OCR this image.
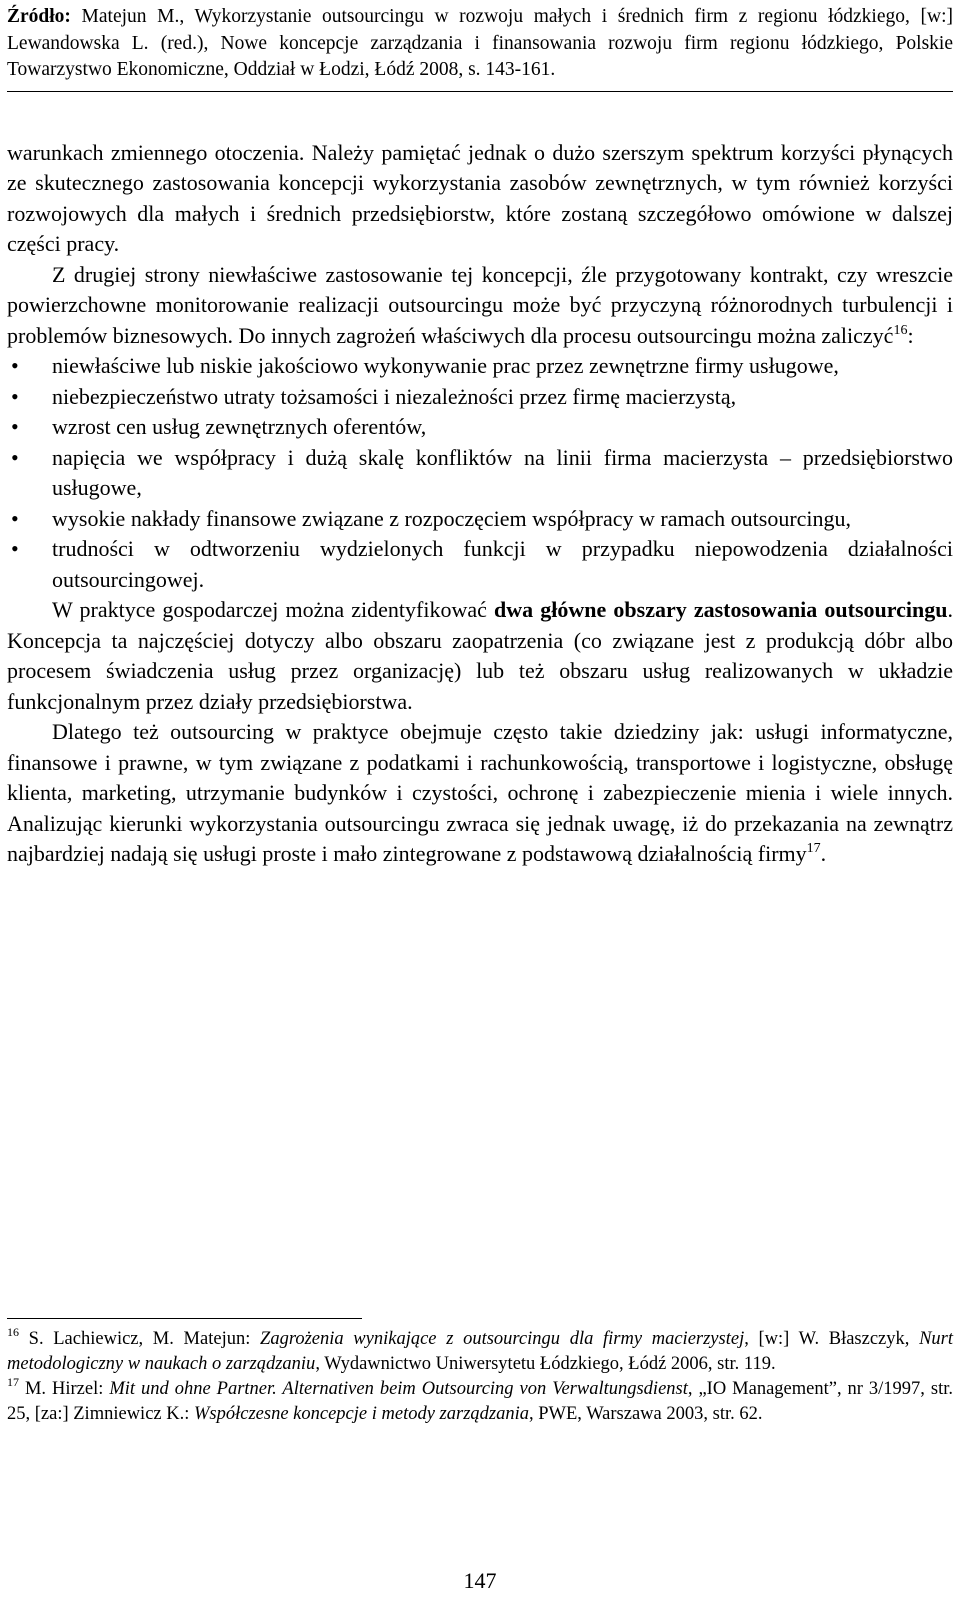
Źródło: Matejun M., Wykorzystanie outsourcingu w rozwoju małych i średnich firm z regionu łódzkiego, [w:] Lewandowska L. (red.), Nowe koncepcje zarządzania i finansowania rozwoju firm regionu łódzkiego, Polskie Towarzystwo Ekonomiczne, Oddział w Łodzi, Łódź 2008, s. 143-161.

warunkach zmiennego otoczenia. Należy pamiętać jednak o dużo szerszym spektrum korzyści płynących ze skutecznego zastosowania koncepcji wykorzystania zasobów zewnętrznych, w tym również korzyści rozwojowych dla małych i średnich przedsiębiorstw, które zostaną szczegółowo omówione w dalszej części pracy.

Z drugiej strony niewłaściwe zastosowanie tej koncepcji, źle przygotowany kontrakt, czy wreszcie powierzchowne monitorowanie realizacji outsourcingu może być przyczyną różnorodnych turbulencji i problemów biznesowych. Do innych zagrożeń właściwych dla procesu outsourcingu można zaliczyć$^{16}$:

• niewłaściwe lub niskie jakościowo wykonywanie prac przez zewnętrzne firmy usługowe,
• niebezpieczeństwo utraty tożsamości i niezależności przez firmę macierzystą,
• wzrost cen usług zewnętrznych oferentów,
• napięcia we współpracy i dużą skalę konfliktów na linii firma macierzysta – przedsiębiorstwo usługowe,
• wysokie nakłady finansowe związane z rozpoczęciem współpracy w ramach outsourcingu,
• trudności w odtworzeniu wydzielonych funkcji w przypadku niepowodzenia działalności outsourcingowej.

W praktyce gospodarczej można zidentyfikować dwa główne obszary zastosowania outsourcingu. Koncepcja ta najczęściej dotyczy albo obszaru zaopatrzenia (co związane jest z produkcją dóbr albo procesem świadczenia usług przez organizację) lub też obszaru usług realizowanych w układzie funkcjonalnym przez działy przedsiębiorstwa.

Dlatego też outsourcing w praktyce obejmuje często takie dziedziny jak: usługi informatyczne, finansowe i prawne, w tym związane z podatkami i rachunkowością, transportowe i logistyczne, obsługę klienta, marketing, utrzymanie budynków i czystości, ochronę i zabezpieczenie mienia i wiele innych. Analizując kierunki wykorzystania outsourcingu zwraca się jednak uwagę, iż do przekazania na zewnątrz najbardziej nadają się usługi proste i mało zintegrowane z podstawową działalnością firmy$^{17}$.

$^{16}$ S. Lachiewicz, M. Matejun: Zagrożenia wynikające z outsourcingu dla firmy macierzystej, [w:] W. Błaszczyk, Nurt metodologiczny w naukach o zarządzaniu, Wydawnictwo Uniwersytetu Łódzkiego, Łódź 2006, str. 119.

$^{17}$ M. Hirzel: Mit und ohne Partner. Alternativen beim Outsourcing von Verwaltungsdienst, „IO Management”, nr 3/1997, str. 25, [za:] Zimniewicz K.: Współczesne koncepcje i metody zarządzania, PWE, Warszawa 2003, str. 62.

147
